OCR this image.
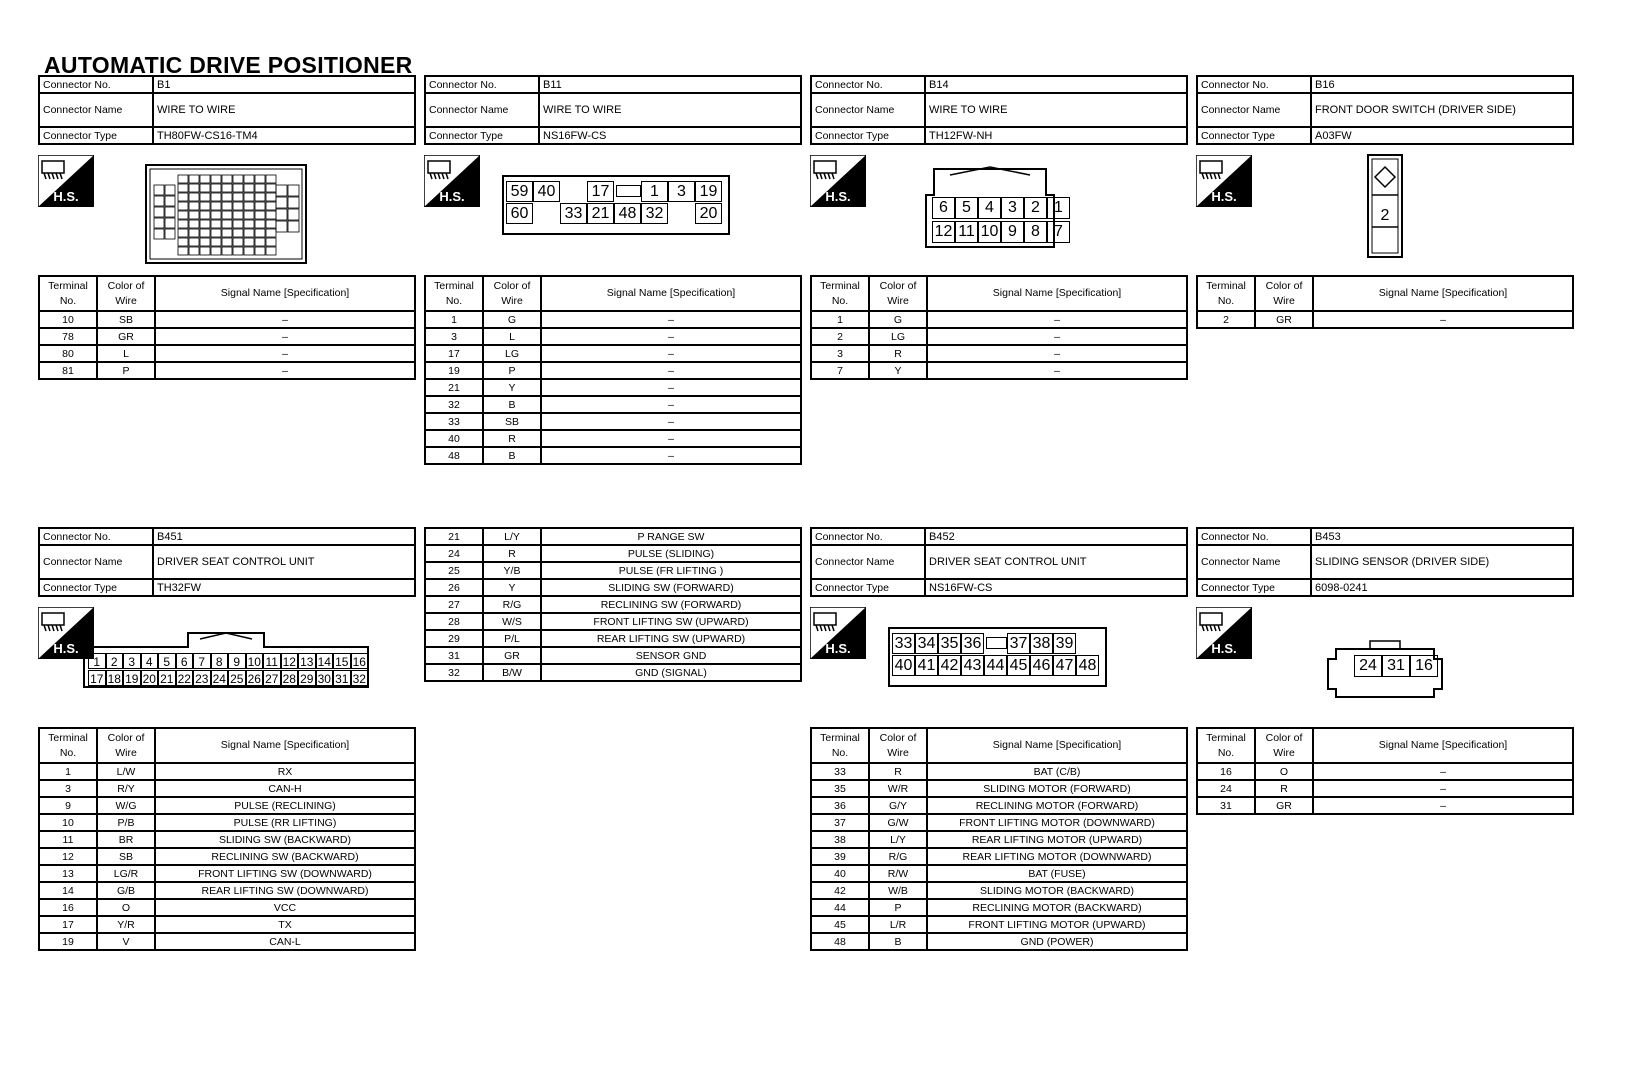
AUTOMATIC DRIVE POSITIONER
Connector No.	B1
Connector Name	WIRE TO WIRE
Connector Type	TH80FW-CS16-TM4
H.S.
Terminal No.	Color of Wire	Signal Name [Specification]
10	SB	–
78	GR	–
80	L	–
81	P	–
Connector No.	B11
Connector Name	WIRE TO WIRE
Connector Type	NS16FW-CS
H.S.	59 40 17	1	3 19
60 33 21 48 32 20
Terminal No.	Color of Wire	Signal Name [Specification]
1	G	–
3	L	–
17	LG	–
19	P	–
21	Y	–
32	B	–
33	SB	–
40	R	–
48	B	–
Connector No.	B14
Connector Name	WIRE TO WIRE
Connector Type	TH12FW-NH
H.S.
6 5 4 3 2 1
12 11 10 9 8 7
Terminal No.	Color of Wire	Signal Name [Specification]
1	G	–
2	LG	–
3	R	–
7	Y	–
Connector No.	B16
Connector Name	FRONT DOOR SWITCH (DRIVER SIDE)
Connector Type	A03FW
H.S.
2
Terminal No.	Color of Wire	Signal Name [Specification]
2	GR	–
Connector No.	B451
Connector Name	DRIVER SEAT CONTROL UNIT
Connector Type	TH32FW
H.S.
1 2 3 4 5 6 7 8 9 10 11 12 13 14 15 16
17 18 19 20 21 22 23 24 25 26 27 28 29 30 31 32
Terminal No.	Color of Wire	Signal Name [Specification]
1	L/W	RX
3	R/Y	CAN-H
9	W/G	PULSE (RECLINING)
10	P/B	PULSE (RR LIFTING)
11	BR	SLIDING SW (BACKWARD)
12	SB	RECLINING SW (BACKWARD)
13	LG/R	FRONT LIFTING SW (DOWNWARD)
14	G/B	REAR LIFTING SW (DOWNWARD)
16	O	VCC
17	Y/R	TX
19	V	CAN-L
21	L/Y	P RANGE SW
24	R	PULSE (SLIDING)
25	Y/B	PULSE (FR LIFTING )
26	Y	SLIDING SW (FORWARD)
27	R/G	RECLINING SW (FORWARD)
28	W/S	FRONT LIFTING SW (UPWARD)
29	P/L	REAR LIFTING SW (UPWARD)
31	GR	SENSOR GND
32	B/W	GND (SIGNAL)
Connector No.	B452
Connector Name	DRIVER SEAT CONTROL UNIT
Connector Type	NS16FW-CS
H.S.	33 34 35 36 37 38 39
40 41 42 43 44 45 46 47 48
Terminal No.	Color of Wire	Signal Name [Specification]
33	R	BAT (C/B)
35	W/R	SLIDING MOTOR (FORWARD)
36	G/Y	RECLINING MOTOR (FORWARD)
37	G/W	FRONT LIFTING MOTOR (DOWNWARD)
38	L/Y	REAR LIFTING MOTOR (UPWARD)
39	R/G	REAR LIFTING MOTOR (DOWNWARD)
40	R/W	BAT (FUSE)
42	W/B	SLIDING MOTOR (BACKWARD)
44	P	RECLINING MOTOR (BACKWARD)
45	L/R	FRONT LIFTING MOTOR (UPWARD)
48	B	GND (POWER)
Connector No.	B453
Connector Name	SLIDING SENSOR (DRIVER SIDE)
Connector Type	6098-0241
H.S.
24 31 16
Terminal No.	Color of Wire	Signal Name [Specification]
16	O	–
24	R	–
31	GR	–
